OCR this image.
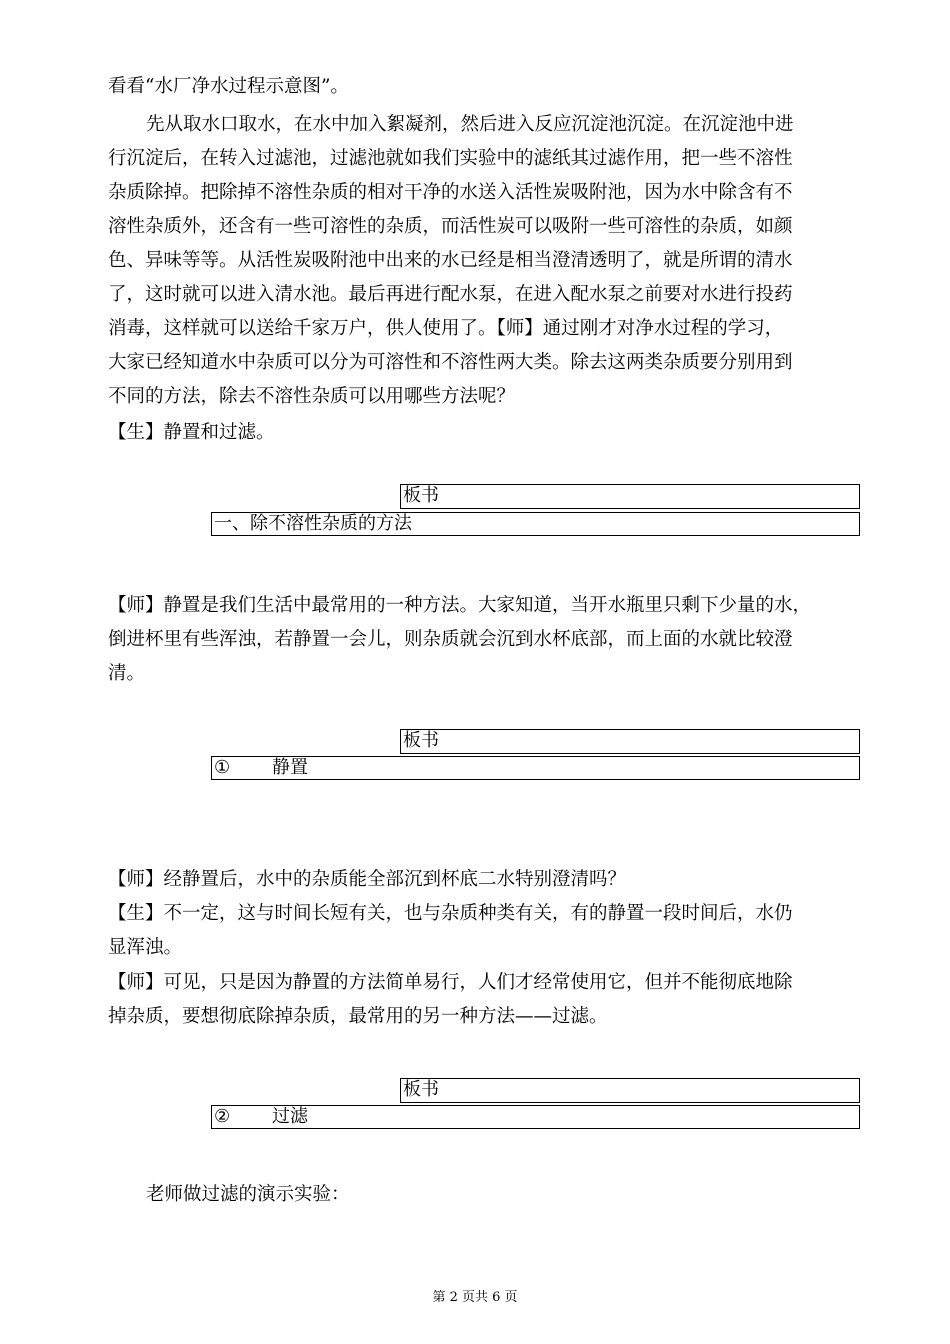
看看“水厂净水过程示意图”。
先从取水口取水，在水中加入絮凝剂，然后进入反应沉淀池沉淀。在沉淀池中进
行沉淀后，在转入过滤池，过滤池就如我们实验中的滤纸其过滤作用，把一些不溶性
杂质除掉。把除掉不溶性杂质的相对干净的水送入活性炭吸附池，因为水中除含有不
溶性杂质外，还含有一些可溶性的杂质，而活性炭可以吸附一些可溶性的杂质，如颜
色、异味等等。从活性炭吸附池中出来的水已经是相当澄清透明了，就是所谓的清水
了，这时就可以进入清水池。最后再进行配水泵，在进入配水泵之前要对水进行投药
消毒，这样就可以送给千家万户，供人使用了。【师】通过刚才对净水过程的学习，
大家已经知道水中杂质可以分为可溶性和不溶性两大类。除去这两类杂质要分别用到
不同的方法，除去不溶性杂质可以用哪些方法呢？
【生】静置和过滤。
板书
一、除不溶性杂质的方法
【师】静置是我们生活中最常用的一种方法。大家知道，当开水瓶里只剩下少量的水，
倒进杯里有些浑浊，若静置一会儿，则杂质就会沉到水杯底部，而上面的水就比较澄
清。
板书
① 静置
【师】经静置后，水中的杂质能全部沉到杯底二水特别澄清吗？
【生】不一定，这与时间长短有关，也与杂质种类有关，有的静置一段时间后，水仍
显浑浊。
【师】可见，只是因为静置的方法简单易行，人们才经常使用它，但并不能彻底地除
掉杂质，要想彻底除掉杂质，最常用的另一种方法——过滤。
板书
② 过滤
老师做过滤的演示实验：
第 2 页共 6 页
